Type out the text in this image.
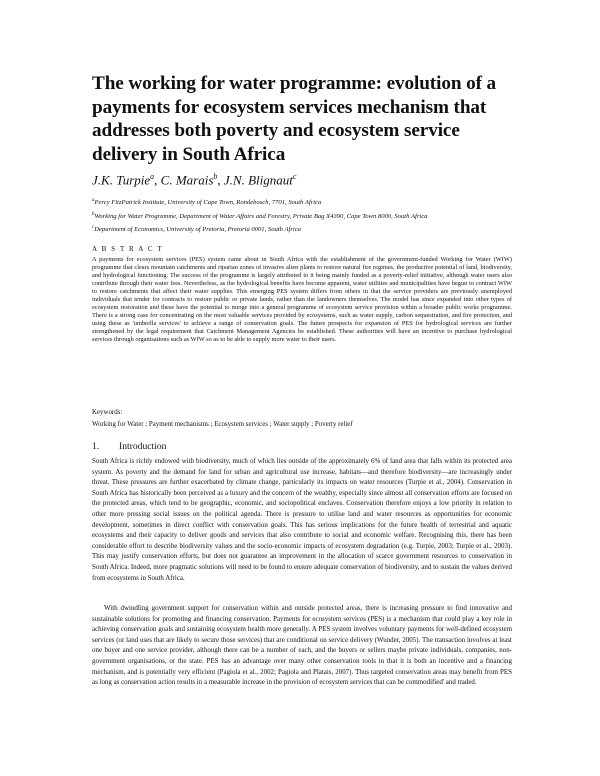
The working for water programme: evolution of a payments for ecosystem services mechanism that addresses both poverty and ecosystem service delivery in South Africa

J.K. Turpie$^a$, C. Marais$^b$, J.N. Blignaut$^c$

$^a$Percy FitzPatrick Institute, University of Cape Town, Rondebosch, 7701, South Africa
$^b$Working for Water Programme, Department of Water Affairs and Forestry, Private Bag X4390, Cape Town 8000, South Africa
$^c$Department of Economics, University of Pretoria, Pretoria 0001, South Africa
A B S T R A C T

A payments for ecosystem services (PES) system came about in South Africa with the establishment of the government-funded Working for Water (WfW) programme that clears mountain catchments and riparian zones of invasive alien plants to restore natural fire regimes, the productive potential of land, biodiversity, and hydrological functioning. The success of the programme is largely attributed to it being mainly funded as a poverty-relief initiative, although water users also contribute through their water fees. Nevertheless, as the hydrological benefits have become apparent, water utilities and municipalities have begun to contract WfW to restore catchments that affect their water supplies. This emerging PES system differs from others in that the service providers are previously unemployed individuals that tender for contracts to restore public or private lands, rather than the landowners themselves. The model has since expanded into other types of ecosystem restoration and these have the potential to merge into a general programme of ecosystem service provision within a broader public works programme. There is a strong case for concentrating on the most valuable services provided by ecosystems, such as water supply, carbon sequestration, and fire protection, and using these as 'umbrella services' to achieve a range of conservation goals. The future prospects for expansion of PES for hydrological services are further strengthened by the legal requirement that Catchment Management Agencies be established. These authorities will have an incentive to purchase hydrological services through organisations such as WfW so as to be able to supply more water to their users.

Keywords:

Working for Water ; Payment mechanisms ; Ecosystem services ; Water supply ; Poverty relief

1. Introduction

South Africa is richly endowed with biodiversity, much of which lies outside of the approximately 6% of land area that falls within its protected area system. As poverty and the demand for land for urban and agricultural use increase, habitats—and therefore biodiversity—are increasingly under threat. These pressures are further exacerbated by climate change, particularly its impacts on water resources (Turpie et al., 2004). Conservation in South Africa has historically been perceived as a luxury and the concern of the wealthy, especially since almost all conservation efforts are focused on the protected areas, which tend to be geographic, economic, and sociopolitical enclaves. Conservation therefore enjoys a low priority in relation to other more pressing social issues on the political agenda. There is pressure to utilise land and water resources as opportunities for economic development, sometimes in direct conflict with conservation goals. This has serious implications for the future health of terrestrial and aquatic ecosystems and their capacity to deliver goods and services that also contribute to social and economic welfare. Recognising this, there has been considerable effort to describe biodiversity values and the socio-economic impacts of ecosystem degradation (e.g. Turpie, 2003; Turpie et al., 2003). This may justify conservation efforts, but does not guarantee an improvement in the allocation of scarce government resources to conservation in South Africa. Indeed, more pragmatic solutions will need to be found to ensure adequate conservation of biodiversity, and to sustain the values derived from ecosystems in South Africa.

With dwindling government support for conservation within and outside protected areas, there is increasing pressure to find innovative and sustainable solutions for promoting and financing conservation. Payments for ecosystem services (PES) is a mechanism that could play a key role in achieving conservation goals and sustaining ecosystem health more generally. A PES system involves voluntary payments for well-defined ecosystem services (or land uses that are likely to secure those services) that are conditional on service delivery (Wunder, 2005). The transaction involves at least one buyer and one service provider, although there can be a number of each, and the buyers or sellers maybe private individuals, companies, non-government organisations, or the state. PES has an advantage over many other conservation tools in that it is both an incentive and a financing mechanism, and is potentially very efficient (Pagiola et al., 2002; Pagiola and Platais, 2007). Thus targeted conservation areas may benefit from PES as long as conservation action results in a measurable increase in the provision of ecosystem services that can be commodified' and traded.
